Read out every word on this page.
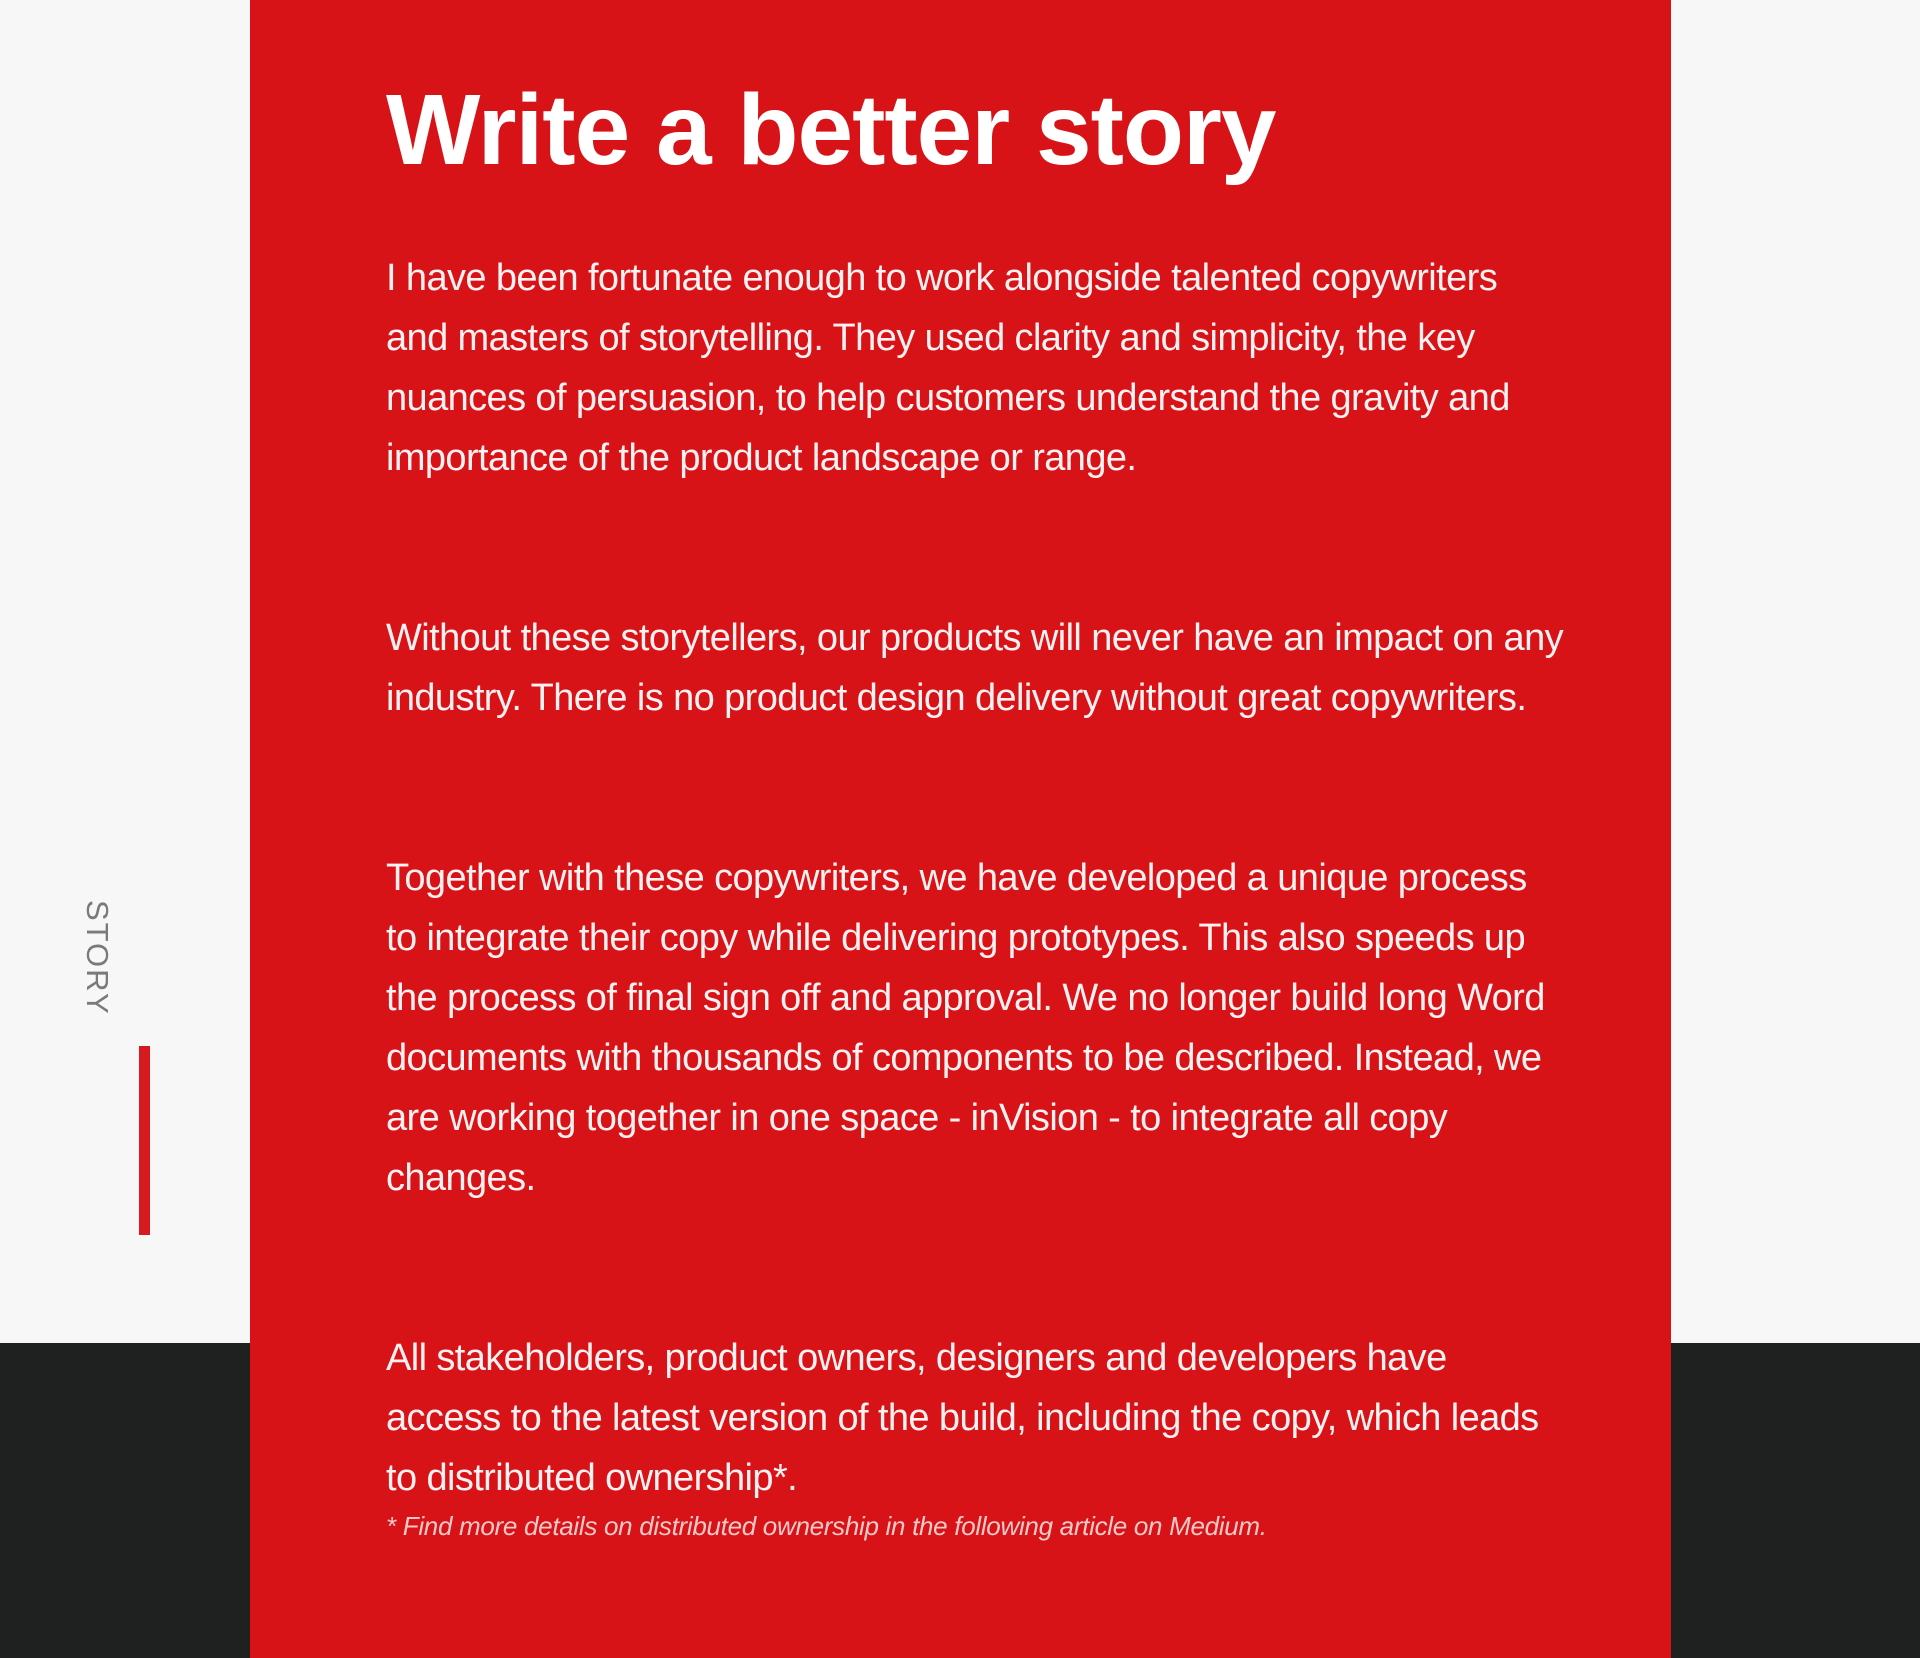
STORY
Write a better story

I have been fortunate enough to work alongside talented copywriters and masters of storytelling. They used clarity and simplicity, the key nuances of persuasion, to help customers understand the gravity and importance of the product landscape or range.

Without these storytellers, our products will never have an impact on any industry. There is no product design delivery without great copywriters.

Together with these copywriters, we have developed a unique process to integrate their copy while delivering prototypes. This also speeds up the process of final sign off and approval. We no longer build long Word documents with thousands of components to be described. Instead, we are working together in one space - inVision - to integrate all copy changes.

All stakeholders, product owners, designers and developers have access to the latest version of the build, including the copy, which leads to distributed ownership*.

* Find more details on distributed ownership in the following article on Medium.
